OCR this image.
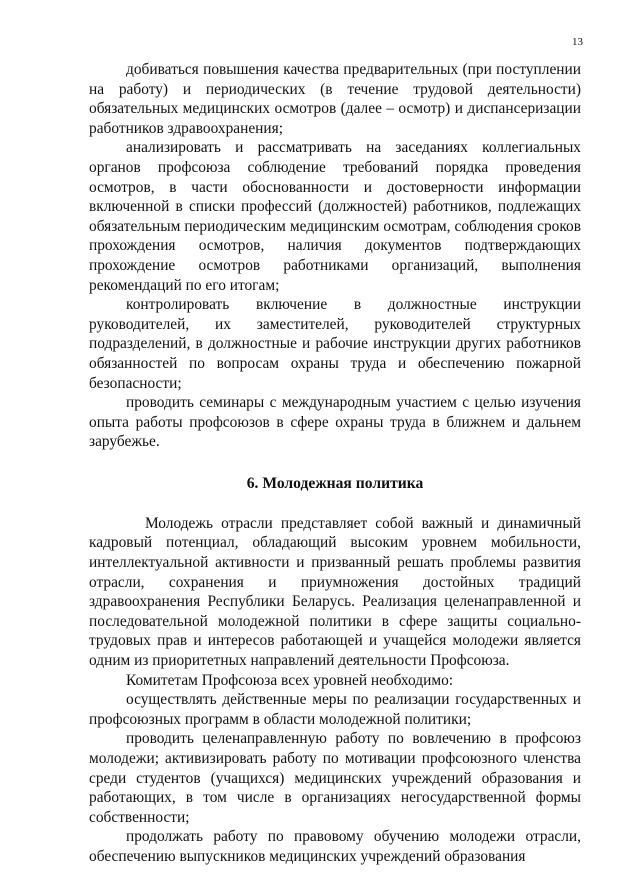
13

добиваться повышения качества предварительных (при поступлении на работу) и периодических (в течение трудовой деятельности) обязательных медицинских осмотров (далее – осмотр) и диспансеризации работников здравоохранения;

анализировать и рассматривать на заседаниях коллегиальных органов профсоюза соблюдение требований порядка проведения осмотров, в части обоснованности и достоверности информации включенной в списки профессий (должностей) работников, подлежащих обязательным периодическим медицинским осмотрам, соблюдения сроков прохождения осмотров, наличия документов подтверждающих прохождение осмотров работниками организаций, выполнения рекомендаций по его итогам;

контролировать включение в должностные инструкции руководителей, их заместителей, руководителей структурных подразделений, в должностные и рабочие инструкции других работников обязанностей по вопросам охраны труда и обеспечению пожарной безопасности;

проводить семинары с международным участием с целью изучения опыта работы профсоюзов в сфере охраны труда в ближнем и дальнем зарубежье.

6. Молодежная политика

Молодежь отрасли представляет собой важный и динамичный кадровый потенциал, обладающий высоким уровнем мобильности, интеллектуальной активности и призванный решать проблемы развития отрасли, сохранения и приумножения достойных традиций здравоохранения Республики Беларусь. Реализация целенаправленной и последовательной молодежной политики в сфере защиты социально-трудовых прав и интересов работающей и учащейся молодежи является одним из приоритетных направлений деятельности Профсоюза.

Комитетам Профсоюза всех уровней необходимо:

осуществлять действенные меры по реализации государственных и профсоюзных программ в области молодежной политики;

проводить целенаправленную работу по вовлечению в профсоюз молодежи; активизировать работу по мотивации профсоюзного членства среди студентов (учащихся) медицинских учреждений образования и работающих, в том числе в организациях негосударственной формы собственности;

продолжать работу по правовому обучению молодежи отрасли, обеспечению выпускников медицинских учреждений образования
